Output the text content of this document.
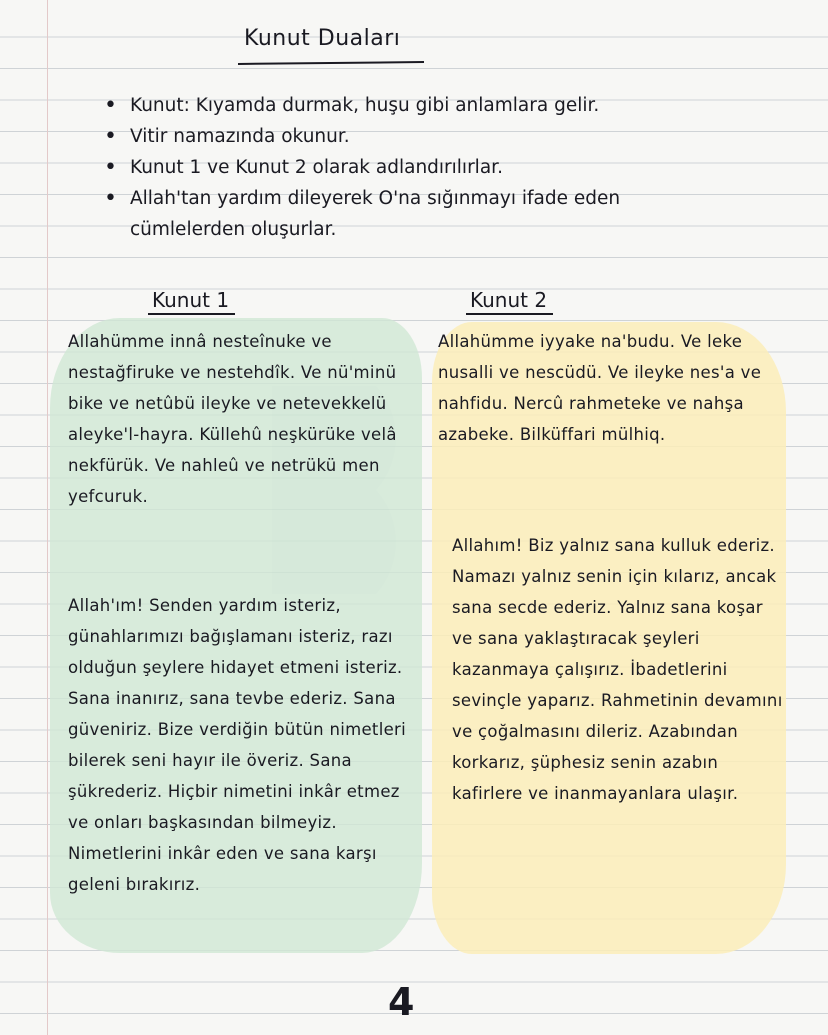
Kunut Duaları
• Kunut: Kıyamda durmak, huşu gibi anlamlara gelir.
• Vitir namazında okunur.
• Kunut 1 ve Kunut 2 olarak adlandırılırlar.
• Allah'tan yardım dileyerek O'na sığınmayı ifade eden cümlelerden oluşurlar.
Kunut 1	Kunut 2

Allahümme innâ nesteînuke ve nestağfiruke ve nestehdîk. Ve nü'minü bike ve netûbü ileyke ve netevekkelü aleyke'l-hayra. Küllehû neşkürüke velâ nekfürük. Ve nahleû ve netrükü men yefcuruk.

Allah'ım! Senden yardım isteriz, günahlarımızı bağışlamanı isteriz, razı olduğun şeylere hidayet etmeni isteriz. Sana inanırız, sana tevbe ederiz. Sana güveniriz. Bize verdiğin bütün nimetleri bilerek seni hayır ile överiz. Sana şükrederiz. Hiçbir nimetini inkâr etmez ve onları başkasından bilmeyiz. Nimetlerini inkâr eden ve sana karşı geleni bırakırız.

Allahümme iyyake na'budu. Ve leke nusalli ve nescüdü. Ve ileyke nes'a ve nahfidu. Nercû rahmeteke ve nahşa azabeke. Bilküffari mülhiq.

Allahım! Biz yalnız sana kulluk ederiz. Namazı yalnız senin için kılarız, ancak sana secde ederiz. Yalnız sana koşar ve sana yaklaştıracak şeyleri kazanmaya çalışırız. İbadetlerini sevinçle yaparız. Rahmetinin devamını ve çoğalmasını dileriz. Azabından korkarız, şüphesiz senin azabın kafirlere ve inanmayanlara ulaşır.

4
